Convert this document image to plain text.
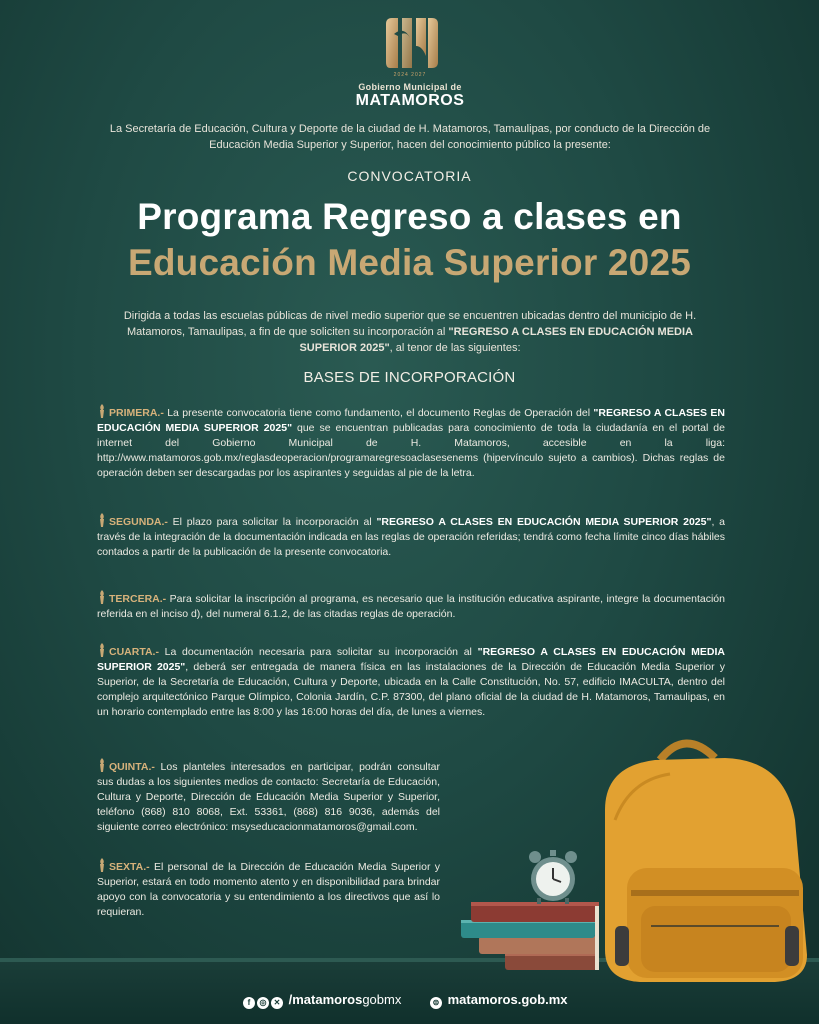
2024 2027
Gobierno Municipal de
MATAMOROS
La Secretaría de Educación, Cultura y Deporte de la ciudad de H. Matamoros, Tamaulipas, por conducto de la Dirección de Educación Media Superior y Superior, hacen del conocimiento público la presente:
CONVOCATORIA
Programa Regreso a clases en
Educación Media Superior 2025
Dirigida a todas las escuelas públicas de nivel medio superior que se encuentren ubicadas dentro del municipio de H. Matamoros, Tamaulipas, a fin de que soliciten su incorporación al "REGRESO A CLASES EN EDUCACIÓN MEDIA SUPERIOR 2025", al tenor de las siguientes:
BASES DE INCORPORACIÓN
PRIMERA.- La presente convocatoria tiene como fundamento, el documento Reglas de Operación del "REGRESO A CLASES EN EDUCACIÓN MEDIA SUPERIOR 2025" que se encuentran publicadas para conocimiento de toda la ciudadanía en el portal de internet del Gobierno Municipal de H. Matamoros, accesible en la liga: http://www.matamoros.gob.mx/reglasdeoperacion/programaregresoaclasesenems (hipervínculo sujeto a cambios). Dichas reglas de operación deben ser descargadas por los aspirantes y seguidas al pie de la letra.
SEGUNDA.- El plazo para solicitar la incorporación al "REGRESO A CLASES EN EDUCACIÓN MEDIA SUPERIOR 2025", a través de la integración de la documentación indicada en las reglas de operación referidas; tendrá como fecha límite cinco días hábiles contados a partir de la publicación de la presente convocatoria.
TERCERA.- Para solicitar la inscripción al programa, es necesario que la institución educativa aspirante, integre la documentación referida en el inciso d), del numeral 6.1.2, de las citadas reglas de operación.
CUARTA.- La documentación necesaria para solicitar su incorporación al "REGRESO A CLASES EN EDUCACIÓN MEDIA SUPERIOR 2025", deberá ser entregada de manera física en las instalaciones de la Dirección de Educación Media Superior y Superior, de la Secretaría de Educación, Cultura y Deporte, ubicada en la Calle Constitución, No. 57, edificio IMACULTA, dentro del complejo arquitectónico Parque Olímpico, Colonia Jardín, C.P. 87300, del plano oficial de la ciudad de H. Matamoros, Tamaulipas, en un horario contemplado entre las 8:00 y las 16:00 horas del día, de lunes a viernes.
QUINTA.- Los planteles interesados en participar, podrán consultar sus dudas a los siguientes medios de contacto: Secretaría de Educación, Cultura y Deporte, Dirección de Educación Media Superior y Superior, teléfono (868) 810 8068, Ext. 53361, (868) 816 9036, además del siguiente correo electrónico: msyseducacionmatamoros@gmail.com.
SEXTA.- El personal de la Dirección de Educación Media Superior y Superior, estará en todo momento atento y en disponibilidad para brindar apoyo con la convocatoria y su entendimiento a los directivos que así lo requieran.
f ◎ ✕ /matamorosgobmx	⊜ matamoros.gob.mx
